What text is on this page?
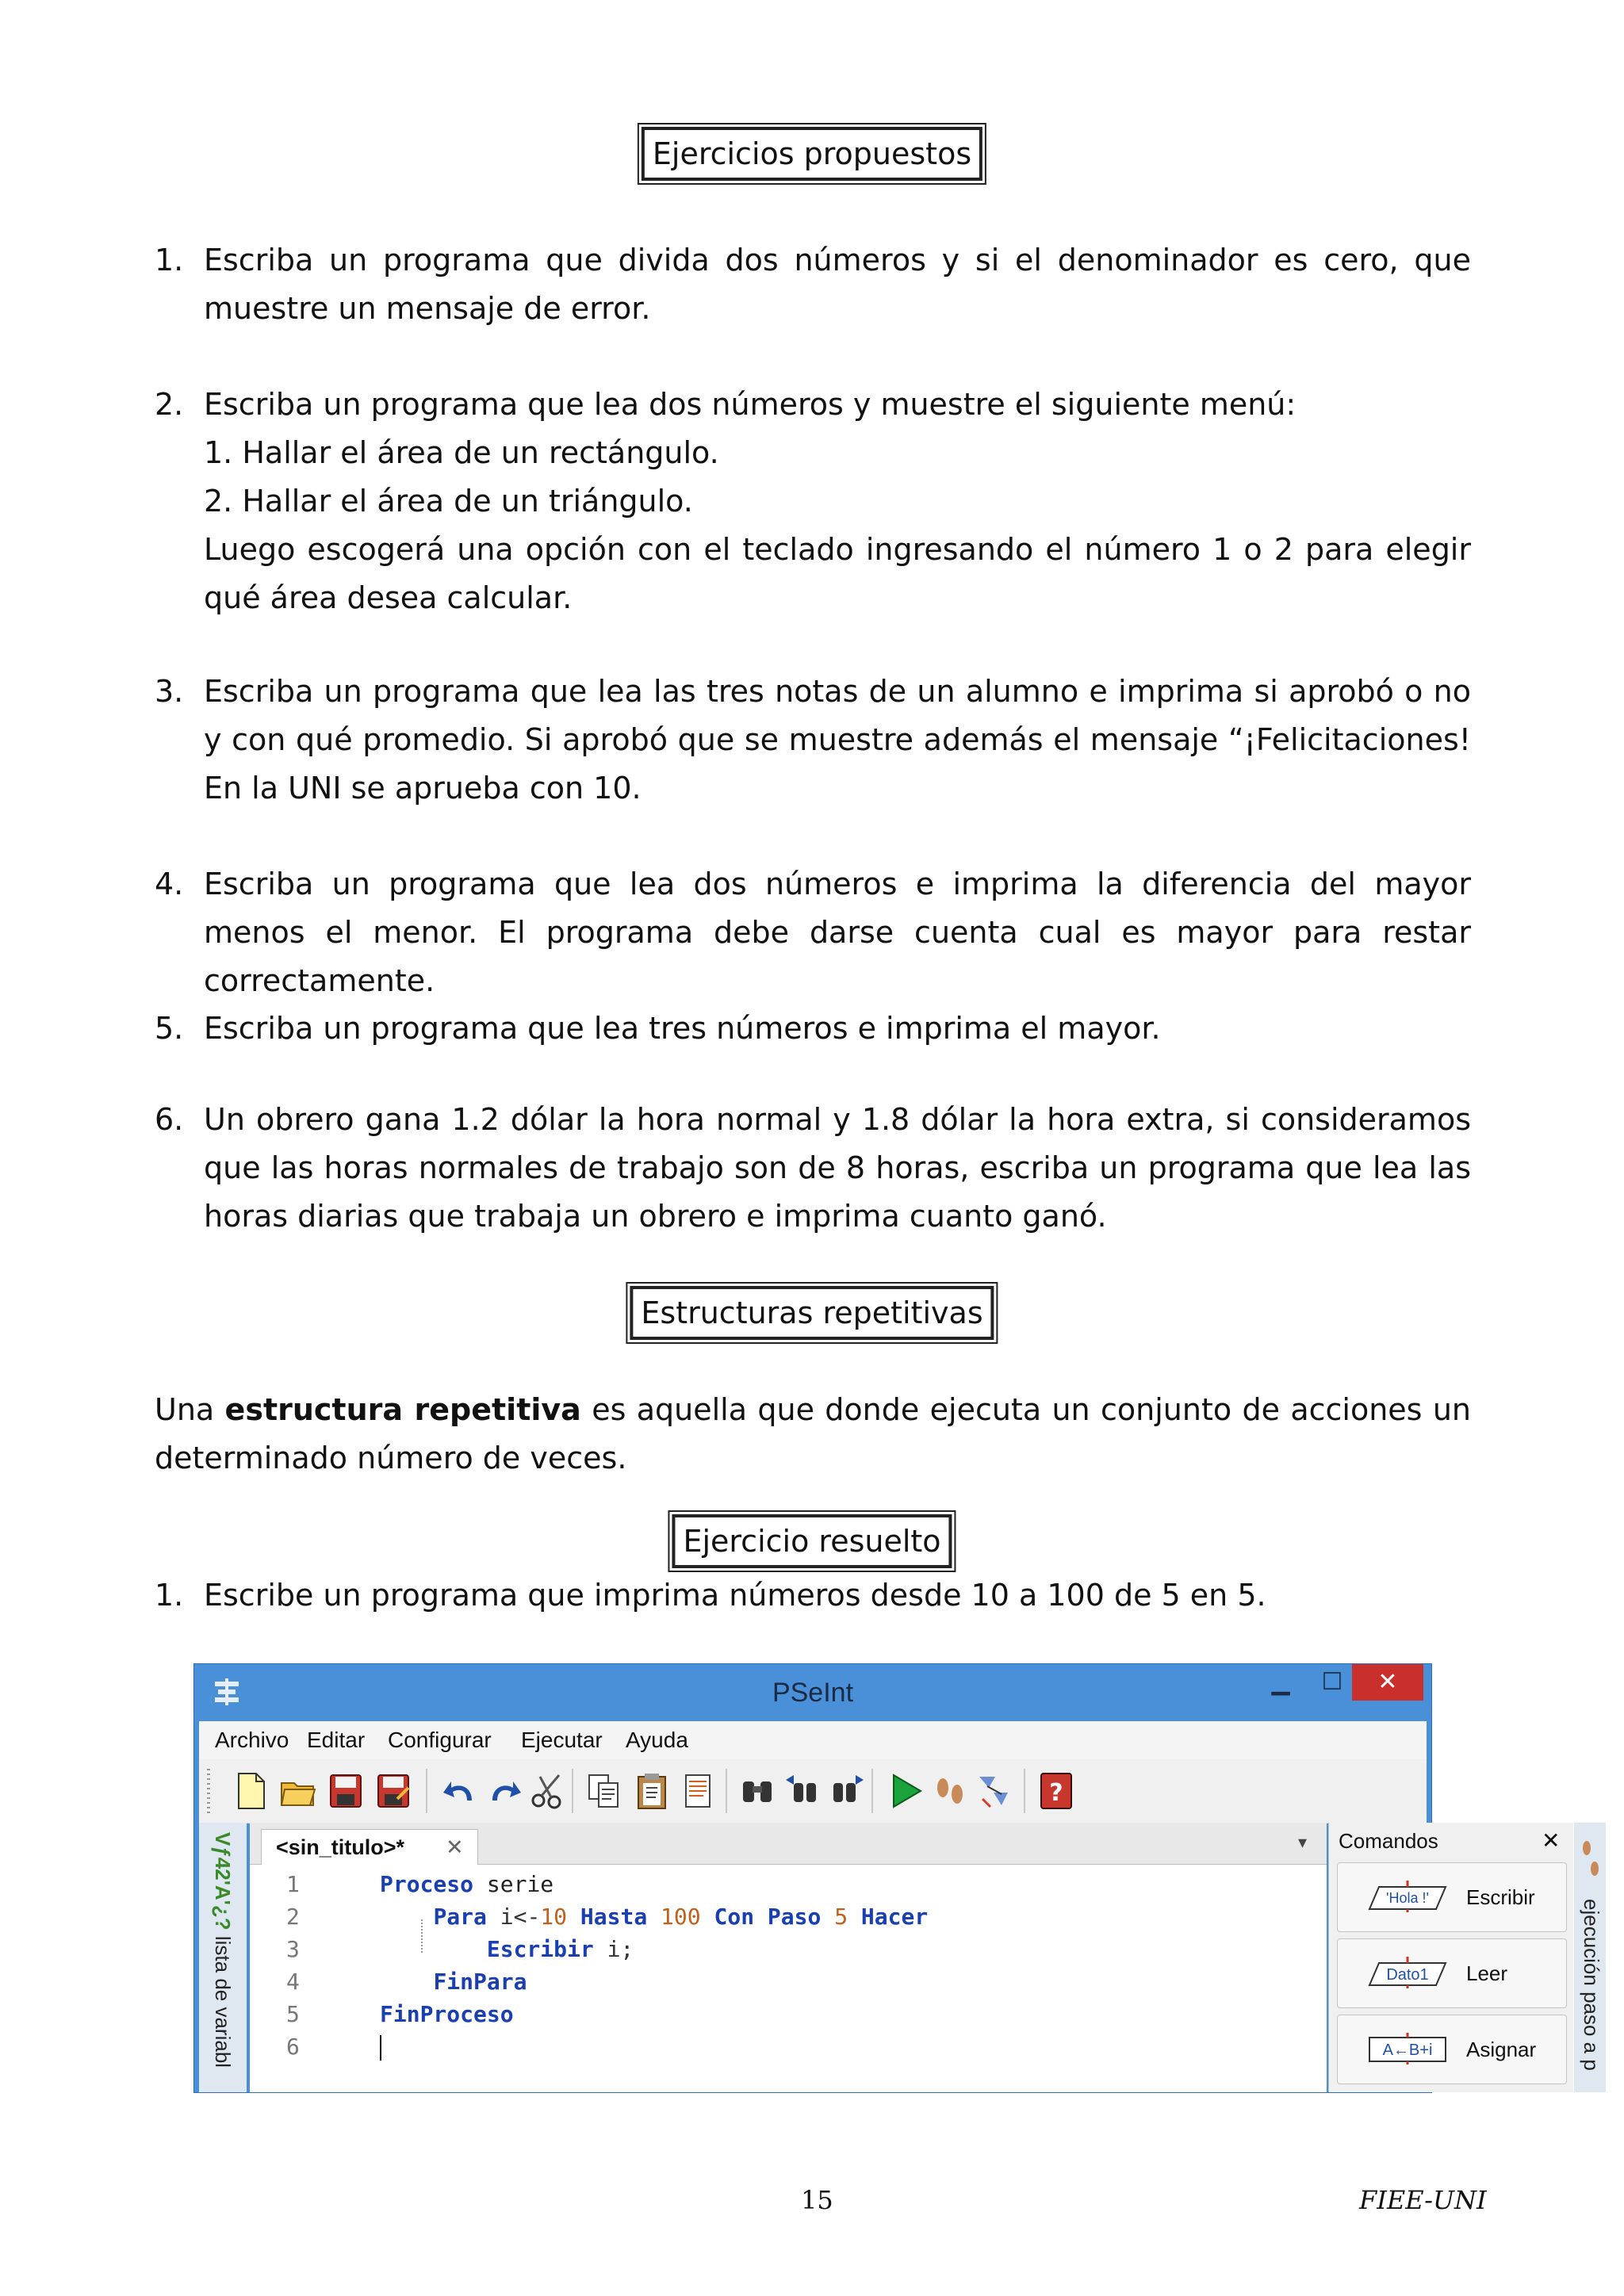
Ejercicios propuestos
1. Escriba un programa que divida dos números y si el denominador es cero, que muestre un mensaje de error.
2. Escriba un programa que lea dos números y muestre el siguiente menú:
1. Hallar el área de un rectángulo.
2. Hallar el área de un triángulo.
Luego escogerá una opción con el teclado ingresando el número 1 o 2 para elegir qué área desea calcular.
3. Escriba un programa que lea las tres notas de un alumno e imprima si aprobó o no y con qué promedio. Si aprobó que se muestre además el mensaje “¡Felicitaciones! En la UNI se aprueba con 10.
4. Escriba un programa que lea dos números e imprima la diferencia del mayor menos el menor. El programa debe darse cuenta cual es mayor para restar correctamente.
5. Escriba un programa que lea tres números e imprima el mayor.
6. Un obrero gana 1.2 dólar la hora normal y 1.8 dólar la hora extra, si consideramos que las horas normales de trabajo son de 8 horas, escriba un programa que lea las horas diarias que trabaja un obrero e imprima cuanto ganó.
Estructuras repetitivas
Una estructura repetitiva es aquella que donde ejecuta un conjunto de acciones un determinado número de veces.
Ejercicio resuelto
1. Escribe un programa que imprima números desde 10 a 100 de 5 en 5.
PSeInt	▁	☐	✕
Archivo Editar Configurar Ejecutar Ayuda
?
Vƒ42'A'¿? lista de variabl
<sin_titulo>* ✕	▾
1	Proceso serie
2	Para i<-10 Hasta 100 Con Paso 5 Hacer
3	Escribir i;
4	FinPara
5	FinProceso
6
Comandos	✕
'Hola !' Escribir
Dato1 Leer
A←B+i Asignar ejecución paso a p
15	FIEE-UNI
